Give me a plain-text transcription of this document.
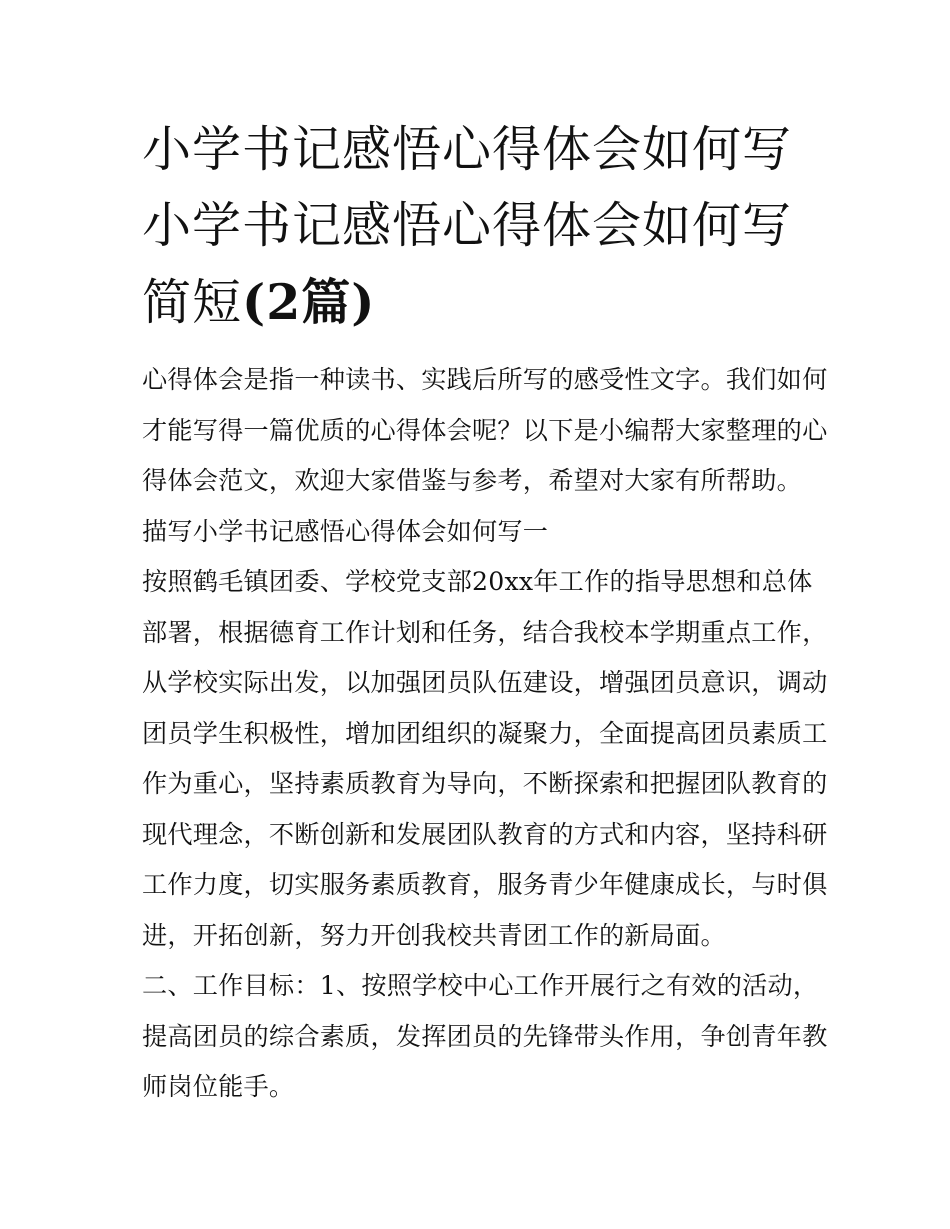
小学书记感悟心得体会如何写
小学书记感悟心得体会如何写
简短(2篇)

心得体会是指一种读书、实践后所写的感受性文字。我们如何
才能写得一篇优质的心得体会呢？以下是小编帮大家整理的心
得体会范文，欢迎大家借鉴与参考，希望对大家有所帮助。

描写小学书记感悟心得体会如何写一

按照鹤毛镇团委、学校党支部20xx年工作的指导思想和总体
部署，根据德育工作计划和任务，结合我校本学期重点工作，
从学校实际出发，以加强团员队伍建设，增强团员意识，调动
团员学生积极性，增加团组织的凝聚力，全面提高团员素质工
作为重心，坚持素质教育为导向，不断探索和把握团队教育的
现代理念，不断创新和发展团队教育的方式和内容，坚持科研
工作力度，切实服务素质教育，服务青少年健康成长，与时俱
进，开拓创新，努力开创我校共青团工作的新局面。

二、工作目标：1、按照学校中心工作开展行之有效的活动，
提高团员的综合素质，发挥团员的先锋带头作用，争创青年教
师岗位能手。
